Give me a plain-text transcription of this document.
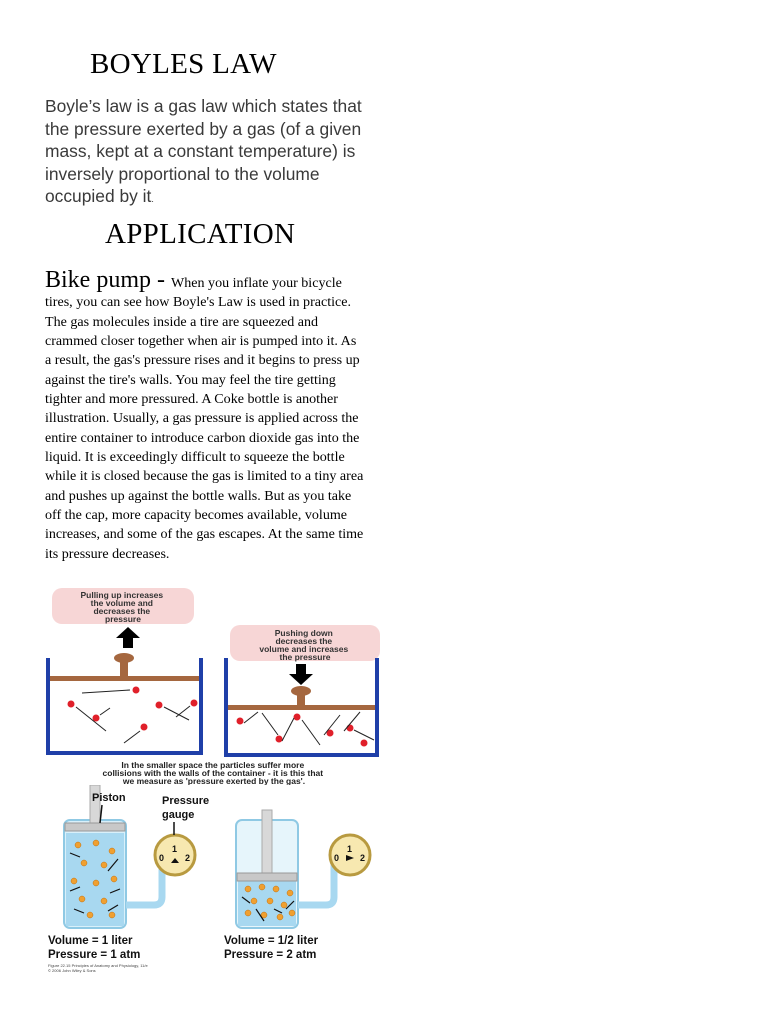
BOYLES LAW
Boyle’s law is a gas law which states that the pressure exerted by a gas (of a given mass, kept at a constant temperature) is inversely proportional to the volume occupied by it.
APPLICATION
Bike pump - When you inflate your bicycle tires, you can see how Boyle's Law is used in practice. The gas molecules inside a tire are squeezed and crammed closer together when air is pumped into it. As a result, the gas's pressure rises and it begins to press up against the tire's walls. You may feel the tire getting tighter and more pressured. A Coke bottle is another illustration. Usually, a gas pressure is applied across the entire container to introduce carbon dioxide gas into the liquid. It is exceedingly difficult to squeeze the bottle while it is closed because the gas is limited to a tiny area and pushes up against the bottle walls. But as you take off the cap, more capacity becomes available, volume increases, and some of the gas escapes. At the same time its pressure decreases.
Pulling up increases the volume and decreases the pressure
Pushing down decreases the volume and increases the pressure
In the smaller space the particles suffer more collisions with the walls of the container - it is this that we measure as 'pressure exerted by the gas'.
1 0 2
Piston	Pressure gauge
1 0 2
Volume = 1 liter Pressure = 1 atm Volume = 1/2 liter Pressure = 2 atm
Figure 22.15 Principles of Anatomy and Physiology, 11/e © 2006 John Wiley & Sons
